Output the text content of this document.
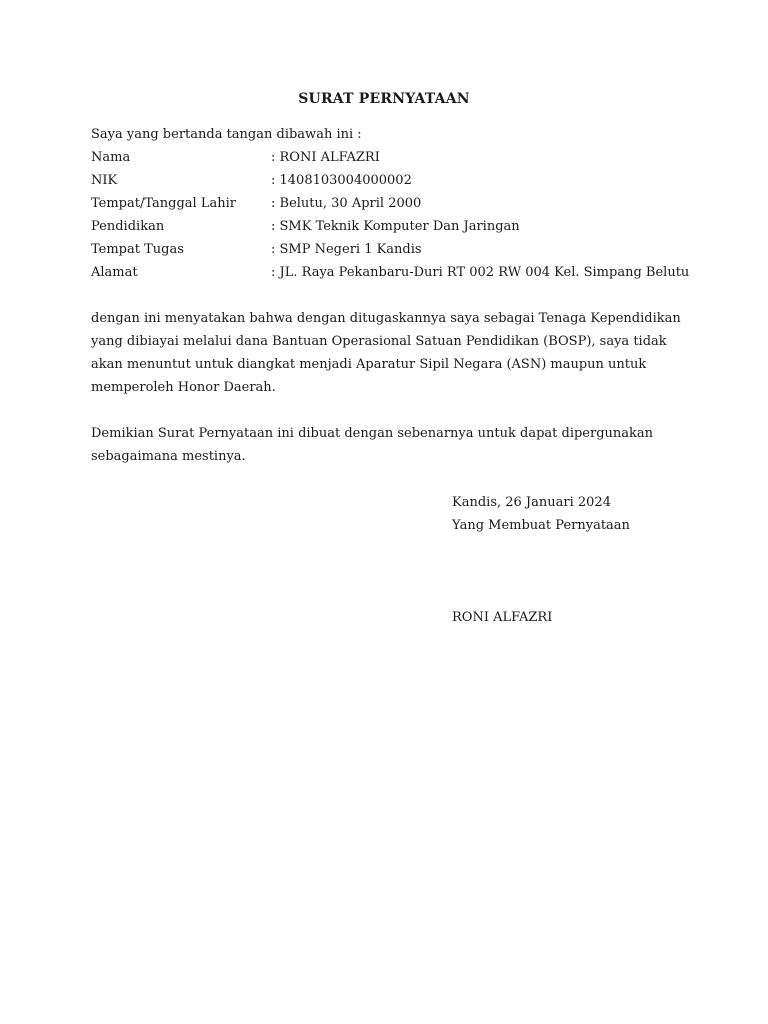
SURAT PERNYATAAN
Saya yang bertanda tangan dibawah ini :
Nama	: RONI ALFAZRI
NIK	: 1408103004000002
Tempat/Tanggal Lahir	: Belutu, 30 April 2000
Pendidikan	: SMK Teknik Komputer Dan Jaringan
Tempat Tugas	: SMP Negeri 1 Kandis
Alamat	: JL. Raya Pekanbaru-Duri RT 002 RW 004 Kel. Simpang Belutu
dengan ini menyatakan bahwa dengan ditugaskannya saya sebagai Tenaga Kependidikan
yang dibiayai melalui dana Bantuan Operasional Satuan Pendidikan (BOSP), saya tidak
akan menuntut untuk diangkat menjadi Aparatur Sipil Negara (ASN) maupun untuk
memperoleh Honor Daerah.
Demikian Surat Pernyataan ini dibuat dengan sebenarnya untuk dapat dipergunakan
sebagaimana mestinya.
Kandis, 26 Januari 2024
Yang Membuat Pernyataan
RONI ALFAZRI
